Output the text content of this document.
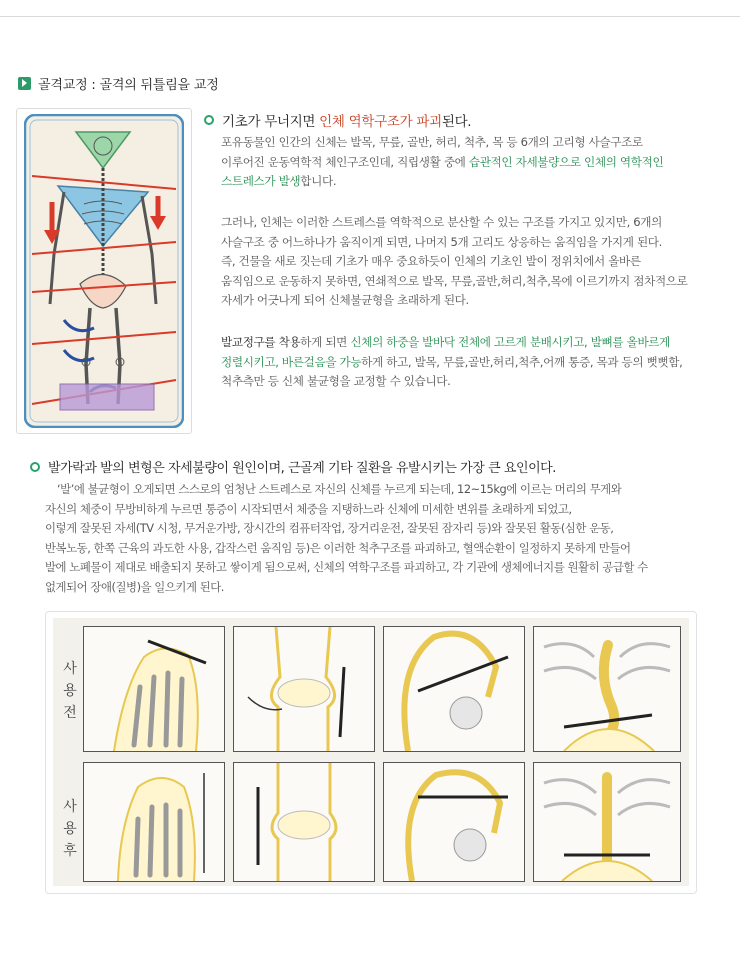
골격교정 : 골격의 뒤틀림을 교정
기초가 무너지면 인체 역학구조가 파괴된다.

포유동물인 인간의 신체는 발목, 무릎, 골반, 허리, 척추, 목 등 6개의 고리형 사슬구조로

이루어진 운동역학적 체인구조인데, 직립생활 중에 습관적인 자세불량으로 인체의 역학적인

스트레스가 발생합니다.

그러나, 인체는 이러한 스트레스를 역학적으로 분산할 수 있는 구조를 가지고 있지만, 6개의

사슬구조 중 어느하나가 움직이게 되면, 나머지 5개 고리도 상응하는 움직임을 가지게 된다.

즉, 건물을 새로 짓는데 기초가 매우 중요하듯이 인체의 기초인 발이 정위치에서 올바른

움직임으로 운동하지 못하면, 연쇄적으로 발목, 무릎,골반,허리,척추,목에 이르기까지 점차적으로

자세가 어긋나게 되어 신체불균형을 초래하게 된다.

발교정구를 착용하게 되면 신체의 하중을 발바닥 전체에 고르게 분배시키고, 발뼈를 올바르게

정렬시키고, 바른걸음을 가능하게 하고, 발목, 무릎,골반,허리,척추,어깨 통증, 목과 등의 뻣뻣함,

척추측만 등 신체 불균형을 교정할 수 있습니다.

발가락과 발의 변형은 자세불량이 원인이며, 근골계 기타 질환을 유발시키는 가장 큰 요인이다.

‘발’에 불균형이 오게되면 스스로의 엄청난 스트레스로 자신의 신체를 누르게 되는데, 12~15kg에 이르는 머리의 무게와

자신의 체중이 무방비하게 누르면 통증이 시작되면서 체중을 지탱하느라 신체에 미세한 변위를 초래하게 되었고,

이렇게 잘못된 자세(TV 시청, 무거운가방, 장시간의 컴퓨터작업, 장거리운전, 잘못된 잠자리 등)와 잘못된 활동(심한 운동,

반복노동, 한쪽 근육의 과도한 사용, 갑작스런 움직임 등)은 이러한 척추구조를 파괴하고, 혈액순환이 일정하지 못하게 만들어

발에 노폐물이 제대로 배출되지 못하고 쌓이게 됨으로써, 신체의 역학구조를 파괴하고, 각 기관에 생체에너지를 원활히 공급할 수

없게되어 장애(질병)을 일으키게 된다.

사
용
전
사
용
후
